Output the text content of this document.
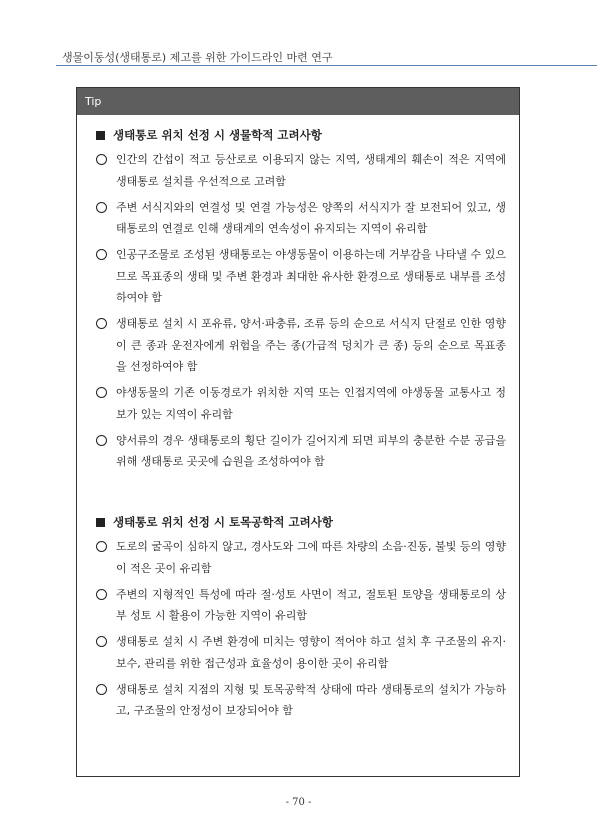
생물이동성(생태통로) 제고를 위한 가이드라인 마련 연구
Tip
생태통로 위치 선정 시 생물학적 고려사항
인간의 간섭이 적고 등산로로 이용되지 않는 지역, 생태계의 훼손이 적은 지역에 생태통로 설치를 우선적으로 고려함
주변 서식지와의 연결성 및 연결 가능성은 양쪽의 서식지가 잘 보전되어 있고, 생태통로의 연결로 인해 생태계의 연속성이 유지되는 지역이 유리함
인공구조물로 조성된 생태통로는 야생동물이 이용하는데 거부감을 나타낼 수 있으므로 목표종의 생태 및 주변 환경과 최대한 유사한 환경으로 생태통로 내부를 조성하여야 함
생태통로 설치 시 포유류, 양서·파충류, 조류 등의 순으로 서식지 단절로 인한 영향이 큰 종과 운전자에게 위험을 주는 종(가급적 덩치가 큰 종) 등의 순으로 목표종을 선정하여야 함
야생동물의 기존 이동경로가 위치한 지역 또는 인접지역에 야생동물 교통사고 정보가 있는 지역이 유리함
양서류의 경우 생태통로의 횡단 길이가 길어지게 되면 피부의 충분한 수분 공급을 위해 생태통로 곳곳에 습원을 조성하여야 함
생태통로 위치 선정 시 토목공학적 고려사항
도로의 굴곡이 심하지 않고, 경사도와 그에 따른 차량의 소음·진동, 불빛 등의 영향이 적은 곳이 유리함
주변의 지형적인 특성에 따라 절·성토 사면이 적고, 절토된 토양을 생태통로의 상부 성토 시 활용이 가능한 지역이 유리함
생태통로 설치 시 주변 환경에 미치는 영향이 적어야 하고 설치 후 구조물의 유지·보수, 관리를 위한 접근성과 효율성이 용이한 곳이 유리함
생태통로 설치 지점의 지형 및 토목공학적 상태에 따라 생태통로의 설치가 가능하고, 구조물의 안정성이 보장되어야 함
- 70 -
